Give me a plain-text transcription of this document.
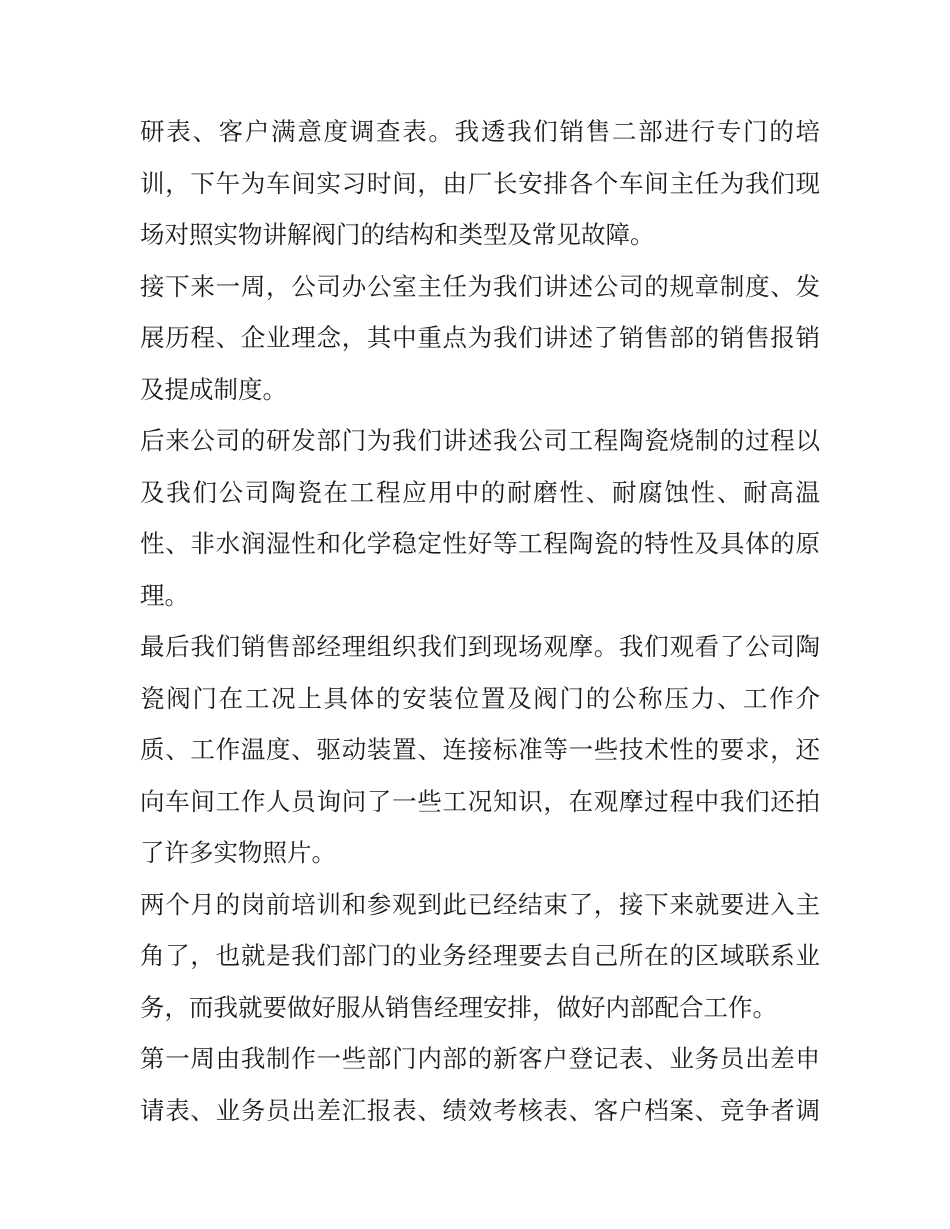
研表、客户满意度调查表。我透我们销售二部进行专门的培
训，下午为车间实习时间，由厂长安排各个车间主任为我们现
场对照实物讲解阀门的结构和类型及常见故障。
接下来一周，公司办公室主任为我们讲述公司的规章制度、发
展历程、企业理念，其中重点为我们讲述了销售部的销售报销
及提成制度。
后来公司的研发部门为我们讲述我公司工程陶瓷烧制的过程以
及我们公司陶瓷在工程应用中的耐磨性、耐腐蚀性、耐高温
性、非水润湿性和化学稳定性好等工程陶瓷的特性及具体的原
理。
最后我们销售部经理组织我们到现场观摩。我们观看了公司陶
瓷阀门在工况上具体的安装位置及阀门的公称压力、工作介
质、工作温度、驱动装置、连接标准等一些技术性的要求，还
向车间工作人员询问了一些工况知识，在观摩过程中我们还拍
了许多实物照片。
两个月的岗前培训和参观到此已经结束了，接下来就要进入主
角了，也就是我们部门的业务经理要去自己所在的区域联系业
务，而我就要做好服从销售经理安排，做好内部配合工作。
第一周由我制作一些部门内部的新客户登记表、业务员出差申
请表、业务员出差汇报表、绩效考核表、客户档案、竞争者调
